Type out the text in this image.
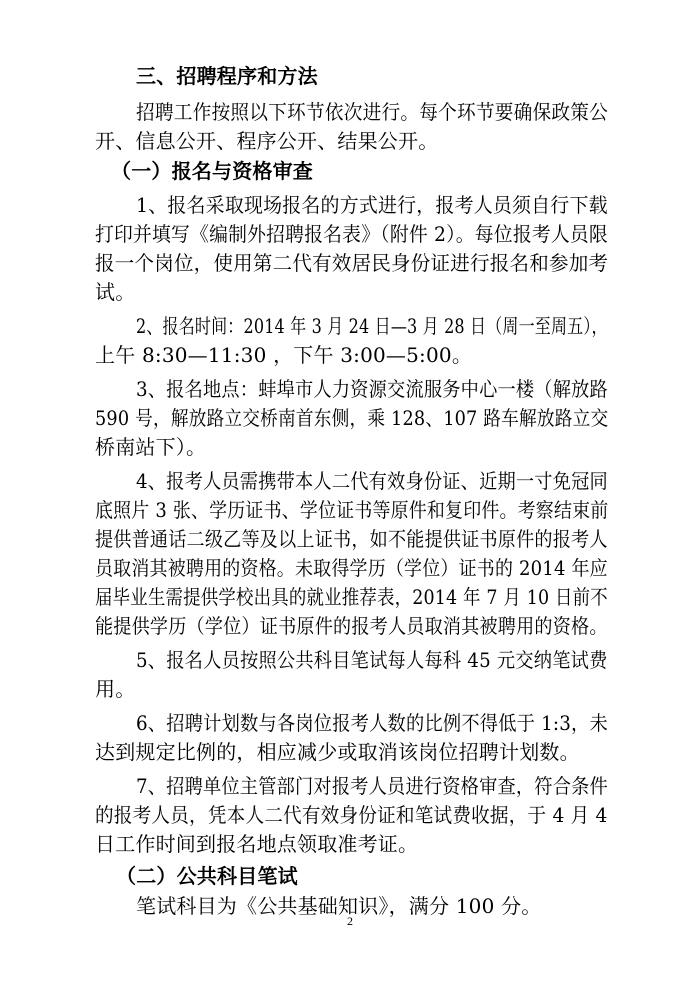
三、招聘程序和方法
招聘工作按照以下环节依次进行。每个环节要确保政策公
开、信息公开、程序公开、结果公开。
（一）报名与资格审查
1、报名采取现场报名的方式进行，报考人员须自行下载
打印并填写《编制外招聘报名表》（附件 2）。每位报考人员限
报一个岗位，使用第二代有效居民身份证进行报名和参加考
试。
2、报名时间：2014 年 3 月 24 日—3 月 28 日（周一至周五），
上午 8:30—11:30 ，下午 3:00—5:00。
3、报名地点：蚌埠市人力资源交流服务中心一楼（解放路
590 号，解放路立交桥南首东侧，乘 128、107 路车解放路立交
桥南站下）。
4、报考人员需携带本人二代有效身份证、近期一寸免冠同
底照片 3 张、学历证书、学位证书等原件和复印件。考察结束前
提供普通话二级乙等及以上证书，如不能提供证书原件的报考人
员取消其被聘用的资格。未取得学历（学位）证书的 2014 年应
届毕业生需提供学校出具的就业推荐表，2014 年 7 月 10 日前不
能提供学历（学位）证书原件的报考人员取消其被聘用的资格。
5、报名人员按照公共科目笔试每人每科 45 元交纳笔试费
用。
6、招聘计划数与各岗位报考人数的比例不得低于 1:3，未
达到规定比例的，相应减少或取消该岗位招聘计划数。
7、招聘单位主管部门对报考人员进行资格审查，符合条件
的报考人员，凭本人二代有效身份证和笔试费收据，于 4 月 4
日工作时间到报名地点领取准考证。
（二）公共科目笔试
笔试科目为《公共基础知识》，满分 100 分。
2
